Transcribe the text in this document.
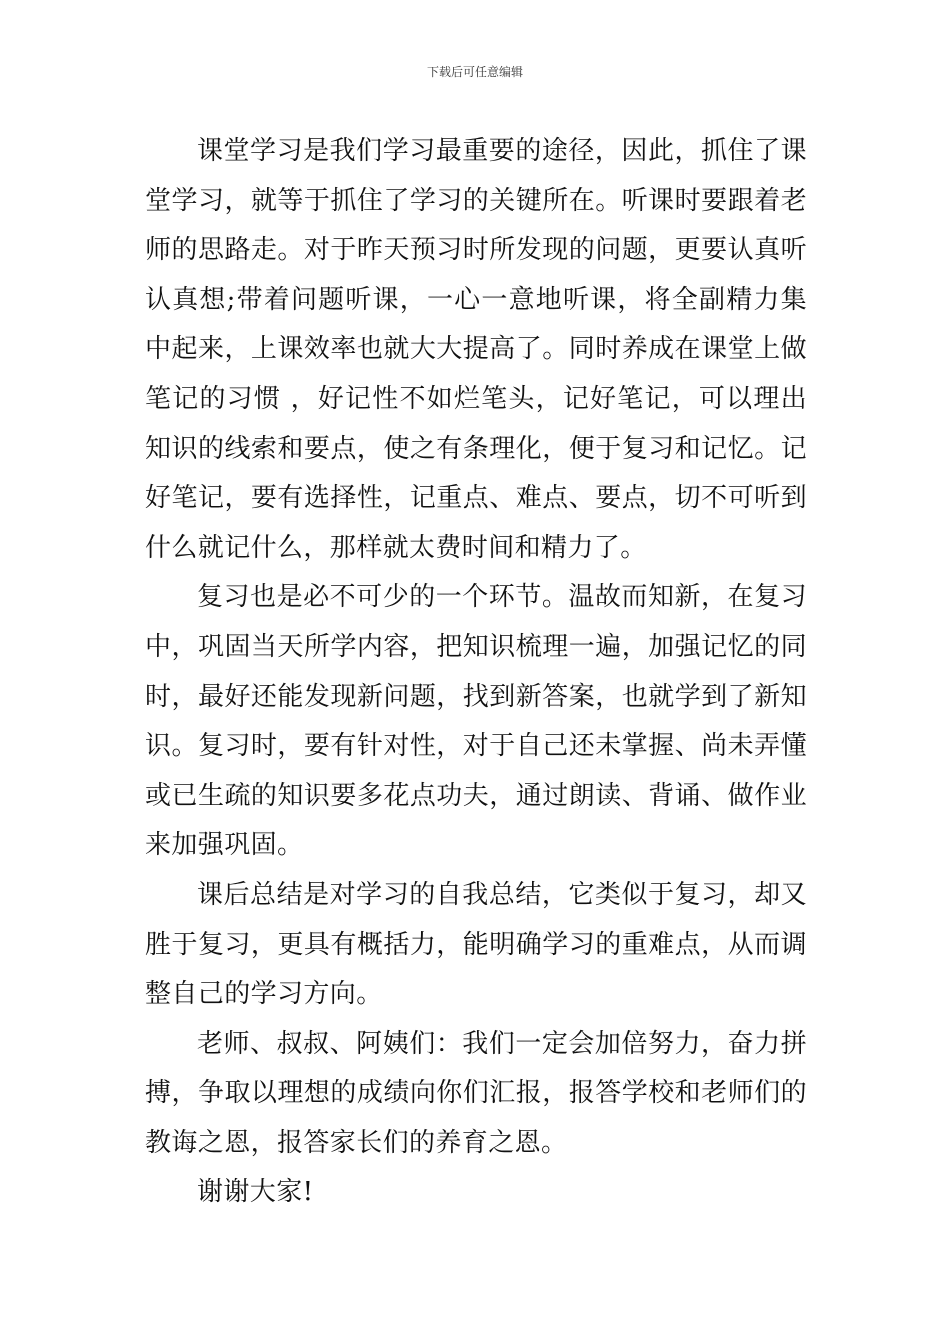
下载后可任意编辑

课堂学习是我们学习最重要的途径，因此，抓住了课堂学习，就等于抓住了学习的关键所在。听课时要跟着老师的思路走。对于昨天预习时所发现的问题，更要认真听认真想;带着问题听课，一心一意地听课，将全副精力集中起来，上课效率也就大大提高了。同时养成在课堂上做笔记的习惯 ，好记性不如烂笔头，记好笔记，可以理出知识的线索和要点，使之有条理化，便于复习和记忆。记好笔记，要有选择性，记重点、难点、要点，切不可听到什么就记什么，那样就太费时间和精力了。

复习也是必不可少的一个环节。温故而知新，在复习中，巩固当天所学内容，把知识梳理一遍，加强记忆的同时，最好还能发现新问题，找到新答案，也就学到了新知识。复习时，要有针对性，对于自己还未掌握、尚未弄懂或已生疏的知识要多花点功夫，通过朗读、背诵、做作业来加强巩固。

课后总结是对学习的自我总结，它类似于复习，却又胜于复习，更具有概括力，能明确学习的重难点，从而调整自己的学习方向。

老师、叔叔、阿姨们：我们一定会加倍努力，奋力拼搏，争取以理想的成绩向你们汇报，报答学校和老师们的教诲之恩，报答家长们的养育之恩。

谢谢大家!
